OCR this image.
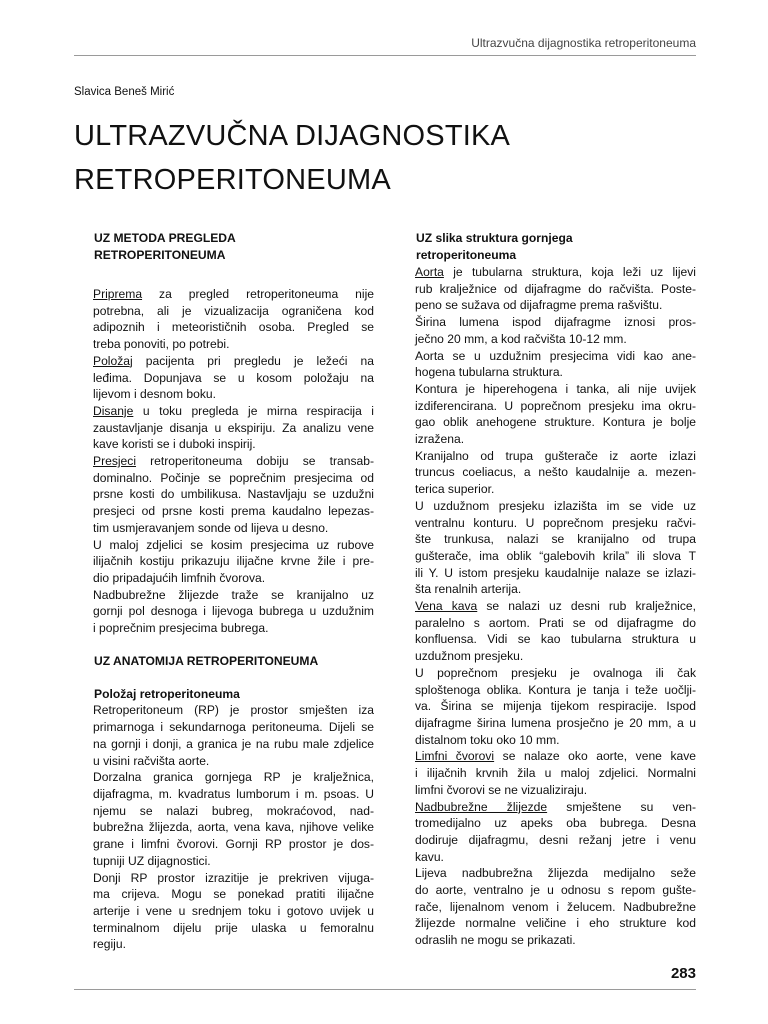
Ultrazvučna dijagnostika retroperitoneuma
Slavica Beneš Mirić
ULTRAZVUČNA DIJAGNOSTIKA
RETROPERITONEUMA
UZ METODA PREGLEDA
RETROPERITONEUMA
Priprema za pregled retroperitoneuma nije
potrebna, ali je vizualizacija ograničena kod
adipoznih i meteorističnih osoba. Pregled se
treba ponoviti, po potrebi.
Položaj pacijenta pri pregledu je ležeći na
leđima. Dopunjava se u kosom položaju na
lijevom i desnom boku.
Disanje u toku pregleda je mirna respiracija i
zaustavljanje disanja u ekspiriju. Za analizu vene
kave koristi se i duboki inspirij.
Presjeci retroperitoneuma dobiju se transab-
dominalno. Počinje se poprečnim presjecima od
prsne kosti do umbilikusa. Nastavljaju se uzdužni
presjeci od prsne kosti prema kaudalno lepezas-
tim usmjeravanjem sonde od lijeva u desno.
U maloj zdjelici se kosim presjecima uz rubove
ilijačnih kostiju prikazuju ilijačne krvne žile i pre-
dio pripadajućih limfnih čvorova.
Nadbubrežne žlijezde traže se kranijalno uz
gornji pol desnoga i lijevoga bubrega u uzdužnim
i poprečnim presjecima bubrega.
UZ ANATOMIJA RETROPERITONEUMA
Položaj retroperitoneuma
Retroperitoneum (RP) je prostor smješten iza
primarnoga i sekundarnoga peritoneuma. Dijeli se
na gornji i donji, a granica je na rubu male zdjelice
u visini račvišta aorte.
Dorzalna granica gornjega RP je kralježnica,
dijafragma, m. kvadratus lumborum i m. psoas. U
njemu se nalazi bubreg, mokraćovod, nad-
bubrežna žlijezda, aorta, vena kava, njihove velike
grane i limfni čvorovi. Gornji RP prostor je dos-
tupniji UZ dijagnostici.
Donji RP prostor izrazitije je prekriven vijuga-
ma crijeva. Mogu se ponekad pratiti ilijačne
arterije i vene u srednjem toku i gotovo uvijek u
terminalnom dijelu prije ulaska u femoralnu
regiju.
UZ slika struktura gornjega
retroperitoneuma
Aorta je tubularna struktura, koja leži uz lijevi
rub kralježnice od dijafragme do račvišta. Poste-
peno se sužava od dijafragme prema rašvištu.
Širina lumena ispod dijafragme iznosi pros-
ječno 20 mm, a kod račvišta 10-12 mm.
Aorta se u uzdužnim presjecima vidi kao ane-
hogena tubularna struktura.
Kontura je hiperehogena i tanka, ali nije uvijek
izdiferencirana. U poprečnom presjeku ima okru-
gao oblik anehogene strukture. Kontura je bolje
izražena.
Kranijalno od trupa gušterače iz aorte izlazi
truncus coeliacus, a nešto kaudalnije a. mezen-
terica superior.
U uzdužnom presjeku izlazišta im se vide uz
ventralnu konturu. U poprečnom presjeku račvi-
šte trunkusa, nalazi se kranijalno od trupa
gušterače, ima oblik “galebovih krila” ili slova T
ili Y. U istom presjeku kaudalnije nalaze se izlazi-
šta renalnih arterija.
Vena kava se nalazi uz desni rub kralježnice,
paralelno s aortom. Prati se od dijafragme do
konfluensa. Vidi se kao tubularna struktura u
uzdužnom presjeku.
U poprečnom presjeku je ovalnoga ili čak
sploštenoga oblika. Kontura je tanja i teže uočlji-
va. Širina se mijenja tijekom respiracije. Ispod
dijafragme širina lumena prosječno je 20 mm, a u
distalnom toku oko 10 mm.
Limfni čvorovi se nalaze oko aorte, vene kave
i ilijačnih krvnih žila u maloj zdjelici. Normalni
limfni čvorovi se ne vizualiziraju.
Nadbubrežne žlijezde smještene su ven-
tromedijalno uz apeks oba bubrega. Desna
dodiruje dijafragmu, desni režanj jetre i venu
kavu.
Lijeva nadbubrežna žlijezda medijalno seže
do aorte, ventralno je u odnosu s repom gušte-
rače, lijenalnom venom i želucem. Nadbubrežne
žlijezde normalne veličine i eho strukture kod
odraslih ne mogu se prikazati.
283
